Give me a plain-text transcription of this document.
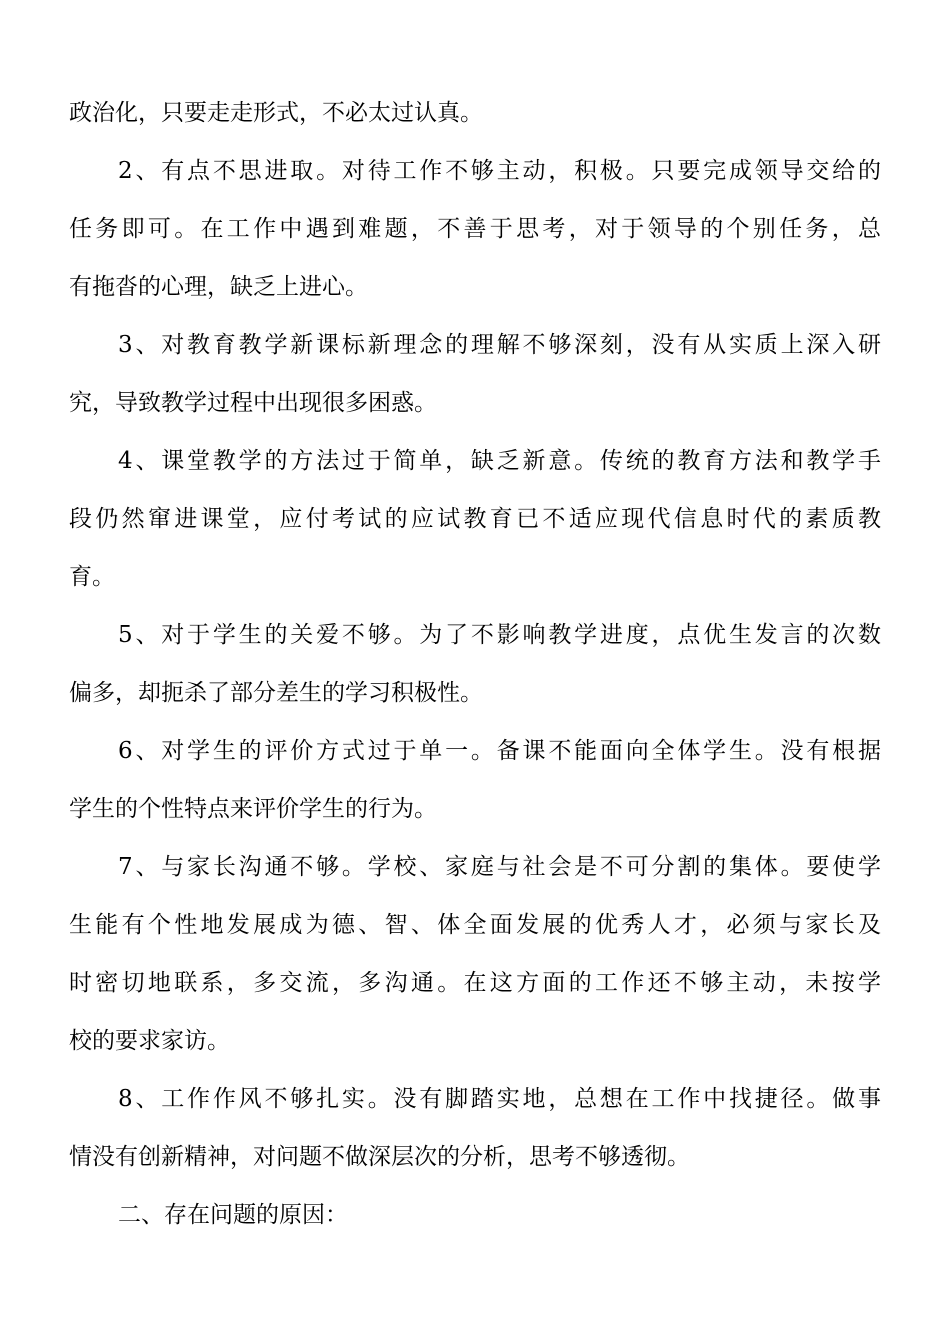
政治化，只要走走形式，不必太过认真。
2、有点不思进取。对待工作不够主动，积极。只要完成领导交给的
任务即可。在工作中遇到难题，不善于思考，对于领导的个别任务，总
有拖沓的心理，缺乏上进心。
3、对教育教学新课标新理念的理解不够深刻，没有从实质上深入研
究，导致教学过程中出现很多困惑。
4、课堂教学的方法过于简单，缺乏新意。传统的教育方法和教学手
段仍然窜进课堂，应付考试的应试教育已不适应现代信息时代的素质教
育。
5、对于学生的关爱不够。为了不影响教学进度，点优生发言的次数
偏多，却扼杀了部分差生的学习积极性。
6、对学生的评价方式过于单一。备课不能面向全体学生。没有根据
学生的个性特点来评价学生的行为。
7、与家长沟通不够。学校、家庭与社会是不可分割的集体。要使学
生能有个性地发展成为德、智、体全面发展的优秀人才，必须与家长及
时密切地联系，多交流，多沟通。在这方面的工作还不够主动，未按学
校的要求家访。
8、工作作风不够扎实。没有脚踏实地，总想在工作中找捷径。做事
情没有创新精神，对问题不做深层次的分析，思考不够透彻。
二、存在问题的原因：
